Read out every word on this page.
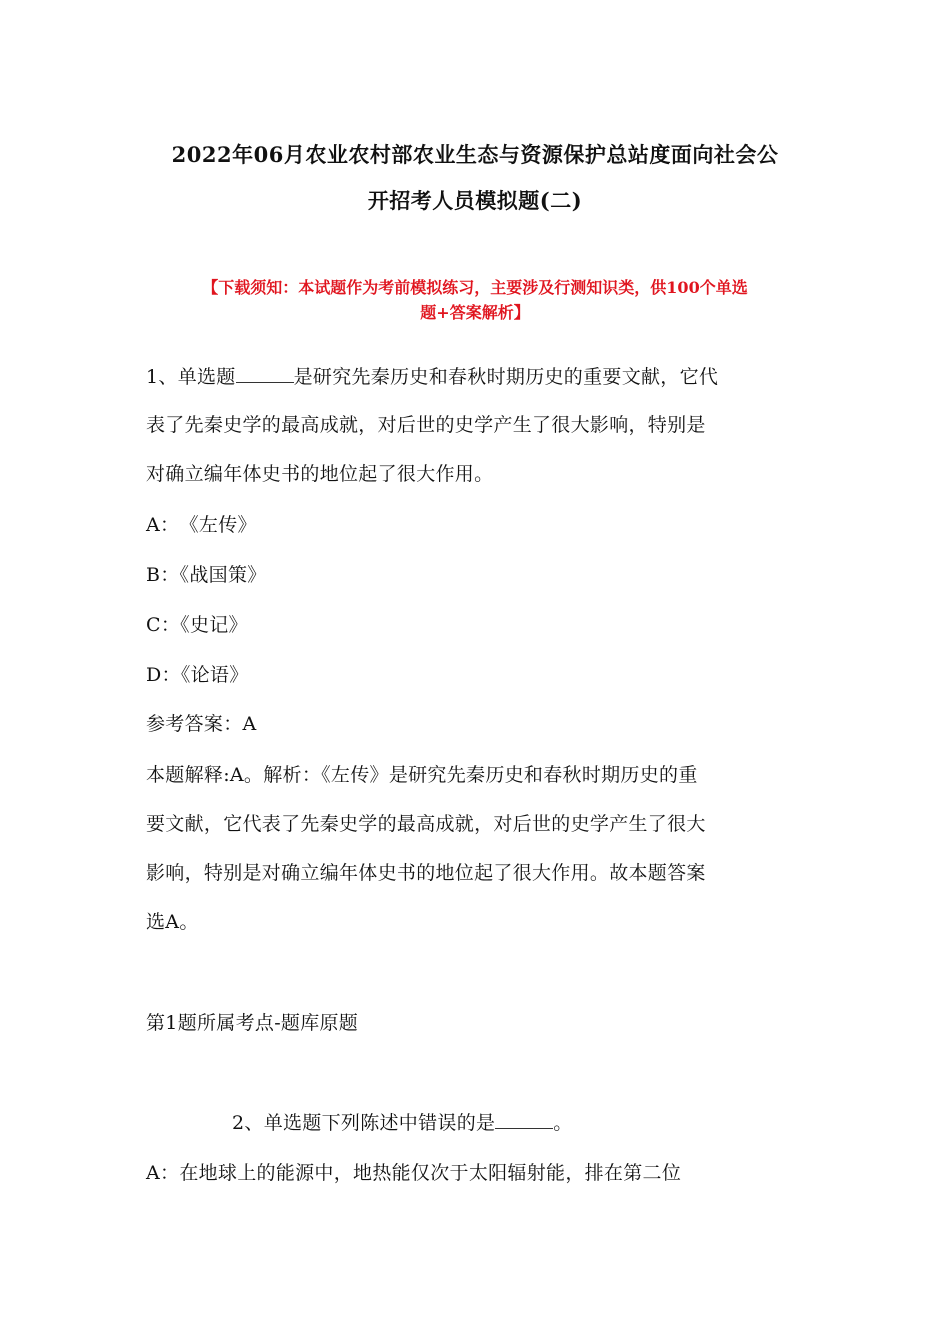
2022年06月农业农村部农业生态与资源保护总站度面向社会公
开招考人员模拟题(二)
【下载须知：本试题作为考前模拟练习，主要涉及行测知识类，供100个单选
题+答案解析】
1、单选题	是研究先秦历史和春秋时期历史的重要文献，它代
表了先秦史学的最高成就，对后世的史学产生了很大影响，特别是
对确立编年体史书的地位起了很大作用。
A：　《左传》
B：《战国策》
C：《史记》
D：《论语》
参考答案：A
本题解释:A。解析：《左传》是研究先秦历史和春秋时期历史的重
要文献，它代表了先秦史学的最高成就，对后世的史学产生了很大
影响，特别是对确立编年体史书的地位起了很大作用。故本题答案
选A。
第1题所属考点-题库原题
2、单选题下列陈述中错误的是	。
A：在地球上的能源中，地热能仅次于太阳辐射能，排在第二位
